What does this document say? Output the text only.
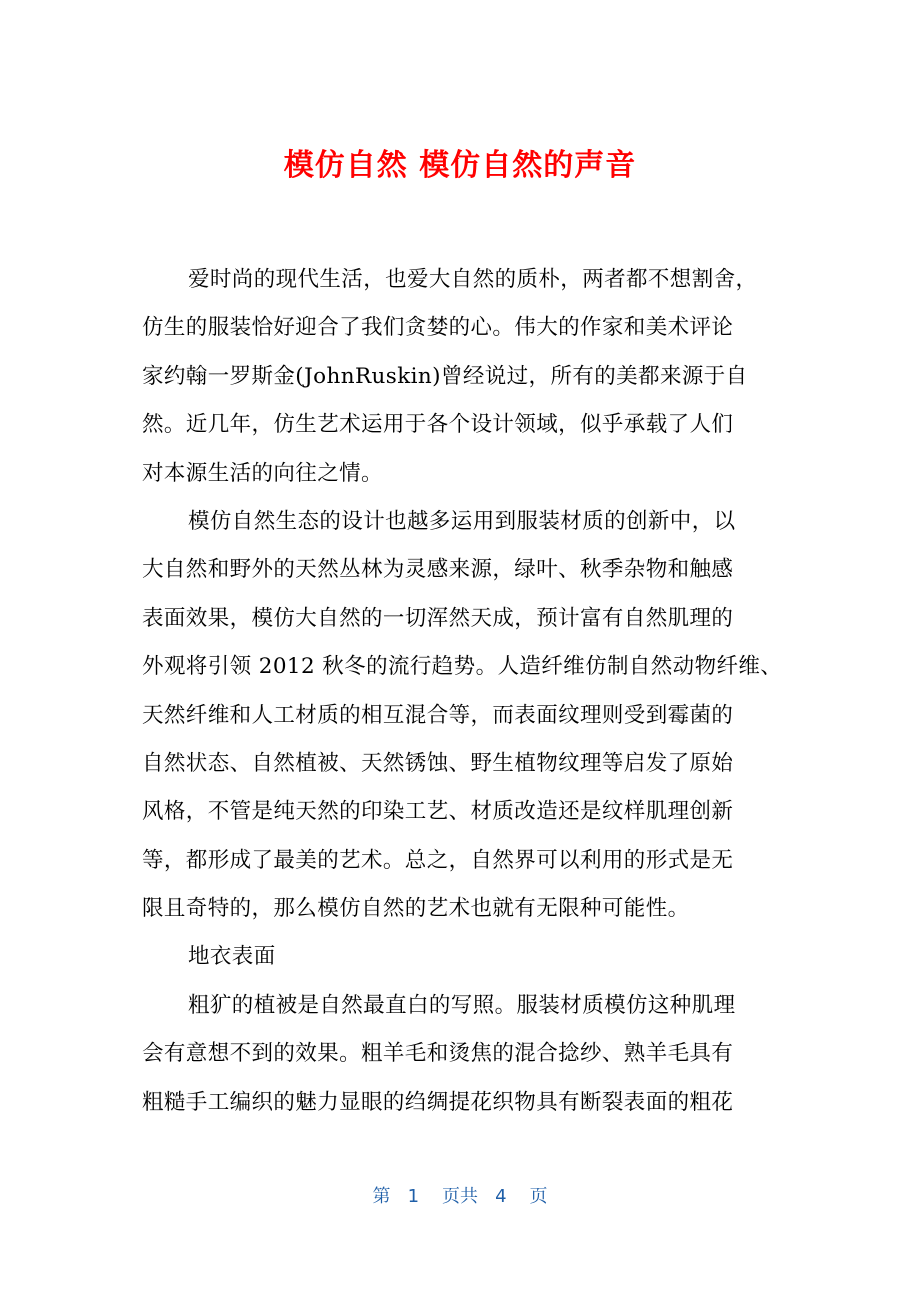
模仿自然 模仿自然的声音
爱时尚的现代生活，也爱大自然的质朴，两者都不想割舍，
仿生的服装恰好迎合了我们贪婪的心。伟大的作家和美术评论
家约翰一罗斯金(JohnRuskin)曾经说过，所有的美都来源于自
然。近几年，仿生艺术运用于各个设计领域，似乎承载了人们
对本源生活的向往之情。
模仿自然生态的设计也越多运用到服装材质的创新中，以
大自然和野外的天然丛林为灵感来源，绿叶、秋季杂物和触感
表面效果，模仿大自然的一切浑然天成，预计富有自然肌理的
外观将引领 2012 秋冬的流行趋势。人造纤维仿制自然动物纤维、
天然纤维和人工材质的相互混合等，而表面纹理则受到霉菌的
自然状态、自然植被、天然锈蚀、野生植物纹理等启发了原始
风格，不管是纯天然的印染工艺、材质改造还是纹样肌理创新
等，都形成了最美的艺术。总之，自然界可以利用的形式是无
限且奇特的，那么模仿自然的艺术也就有无限种可能性。
地衣表面
粗犷的植被是自然最直白的写照。服装材质模仿这种肌理
会有意想不到的效果。粗羊毛和烫焦的混合捻纱、熟羊毛具有
粗糙手工编织的魅力显眼的绉绸提花织物具有断裂表面的粗花
第 1 页共 4 页
